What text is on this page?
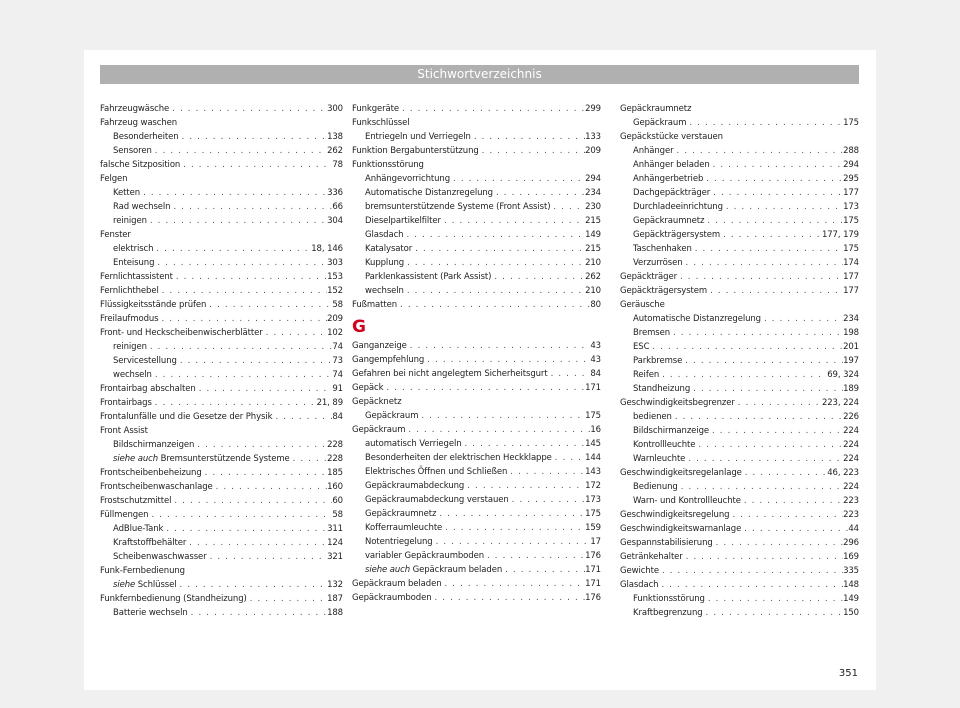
Stichwortverzeichnis
Fahrzeugwäsche . . .	300
Fahrzeug waschen
Besonderheiten . . .	138
Sensoren . . .	262
falsche Sitzposition . . .	78
Felgen
Ketten . . .	336
Rad wechseln . . .	66
reinigen . . .	304
Fenster
elektrisch . . .	18, 146
Enteisung . . .	303
Fernlichtassistent . . .	153
Fernlichthebel . . .	152
Flüssigkeitsstände prüfen . . .	58
Freilaufmodus . . .	209
Front- und Heckscheibenwischerblätter . . .	102
reinigen . . .	74
Servicestellung . . .	73
wechseln . . .	74
Frontairbag abschalten . . .	91
Frontairbags . . .	21, 89
Frontalunfälle und die Gesetze der Physik . . .	84
Front Assist
Bildschirmanzeigen . . .	228
siehe auch Bremsunterstützende Systeme . . .	228
Frontscheibenbeheizung . . .	185
Frontscheibenwaschanlage . . .	160
Frostschutzmittel . . .	60
Füllmengen . . .	58
AdBlue-Tank . . .	311
Kraftstoffbehälter . . .	124
Scheibenwaschwasser . . .	321
Funk-Fernbedienung
siehe Schlüssel . . .	132
Funkfernbedienung (Standheizung) . . .	187
Batterie wechseln . . .	188
Funkgeräte . . .	299
Funkschlüssel
Entriegeln und Verriegeln . . .	133
Funktion Bergabunterstützung . . .	209
Funktionsstörung
Anhängevorrichtung . . .	294
Automatische Distanzregelung . . .	234
bremsunterstützende Systeme (Front Assist) . . .	230
Dieselpartikelfilter . . .	215
Glasdach . . .	149
Katalysator . . .	215
Kupplung . . .	210
Parklenkassistent (Park Assist) . . .	262
wechseln . . .	210
Fußmatten . . .	80
G
Ganganzeige . . .	43
Gangempfehlung . . .	43
Gefahren bei nicht angelegtem Sicherheitsgurt . . .	84
Gepäck . . .	171
Gepäcknetz
Gepäckraum . . .	175
Gepäckraum . . .	16
automatisch Verriegeln . . .	145
Besonderheiten der elektrischen Heckklappe . . .	144
Elektrisches Öffnen und Schließen . . .	143
Gepäckraumabdeckung . . .	172
Gepäckraumabdeckung verstauen . . .	173
Gepäckraumnetz . . .	175
Kofferraumleuchte . . .	159
Notentriegelung . . .	17
variabler Gepäckraumboden . . .	176
siehe auch Gepäckraum beladen . . .	171
Gepäckraum beladen . . .	171
Gepäckraumboden . . .	176
Gepäckraumnetz
Gepäckraum . . .	175
Gepäckstücke verstauen
Anhänger . . .	288
Anhänger beladen . . .	294
Anhängerbetrieb . . .	295
Dachgepäckträger . . .	177
Durchladeeinrichtung . . .	173
Gepäckraumnetz . . .	175
Gepäckträgersystem . . .	177, 179
Taschenhaken . . .	175
Verzurrösen . . .	174
Gepäckträger . . .	177
Gepäckträgersystem . . .	177
Geräusche
Automatische Distanzregelung . . .	234
Bremsen . . .	198
ESC . . .	201
Parkbremse . . .	197
Reifen . . .	69, 324
Standheizung . . .	189
Geschwindigkeitsbegrenzer . . .	223, 224
bedienen . . .	226
Bildschirmanzeige . . .	224
Kontrollleuchte . . .	224
Warnleuchte . . .	224
Geschwindigkeitsregelanlage . . .	46, 223
Bedienung . . .	224
Warn- und Kontrollleuchte . . .	223
Geschwindigkeitsregelung . . .	223
Geschwindigkeitswarnanlage . . .	44
Gespannstabilisierung . . .	296
Getränkehalter . . .	169
Gewichte . . .	335
Glasdach . . .	148
Funktionsstörung . . .	149
Kraftbegrenzung . . .	150
351
